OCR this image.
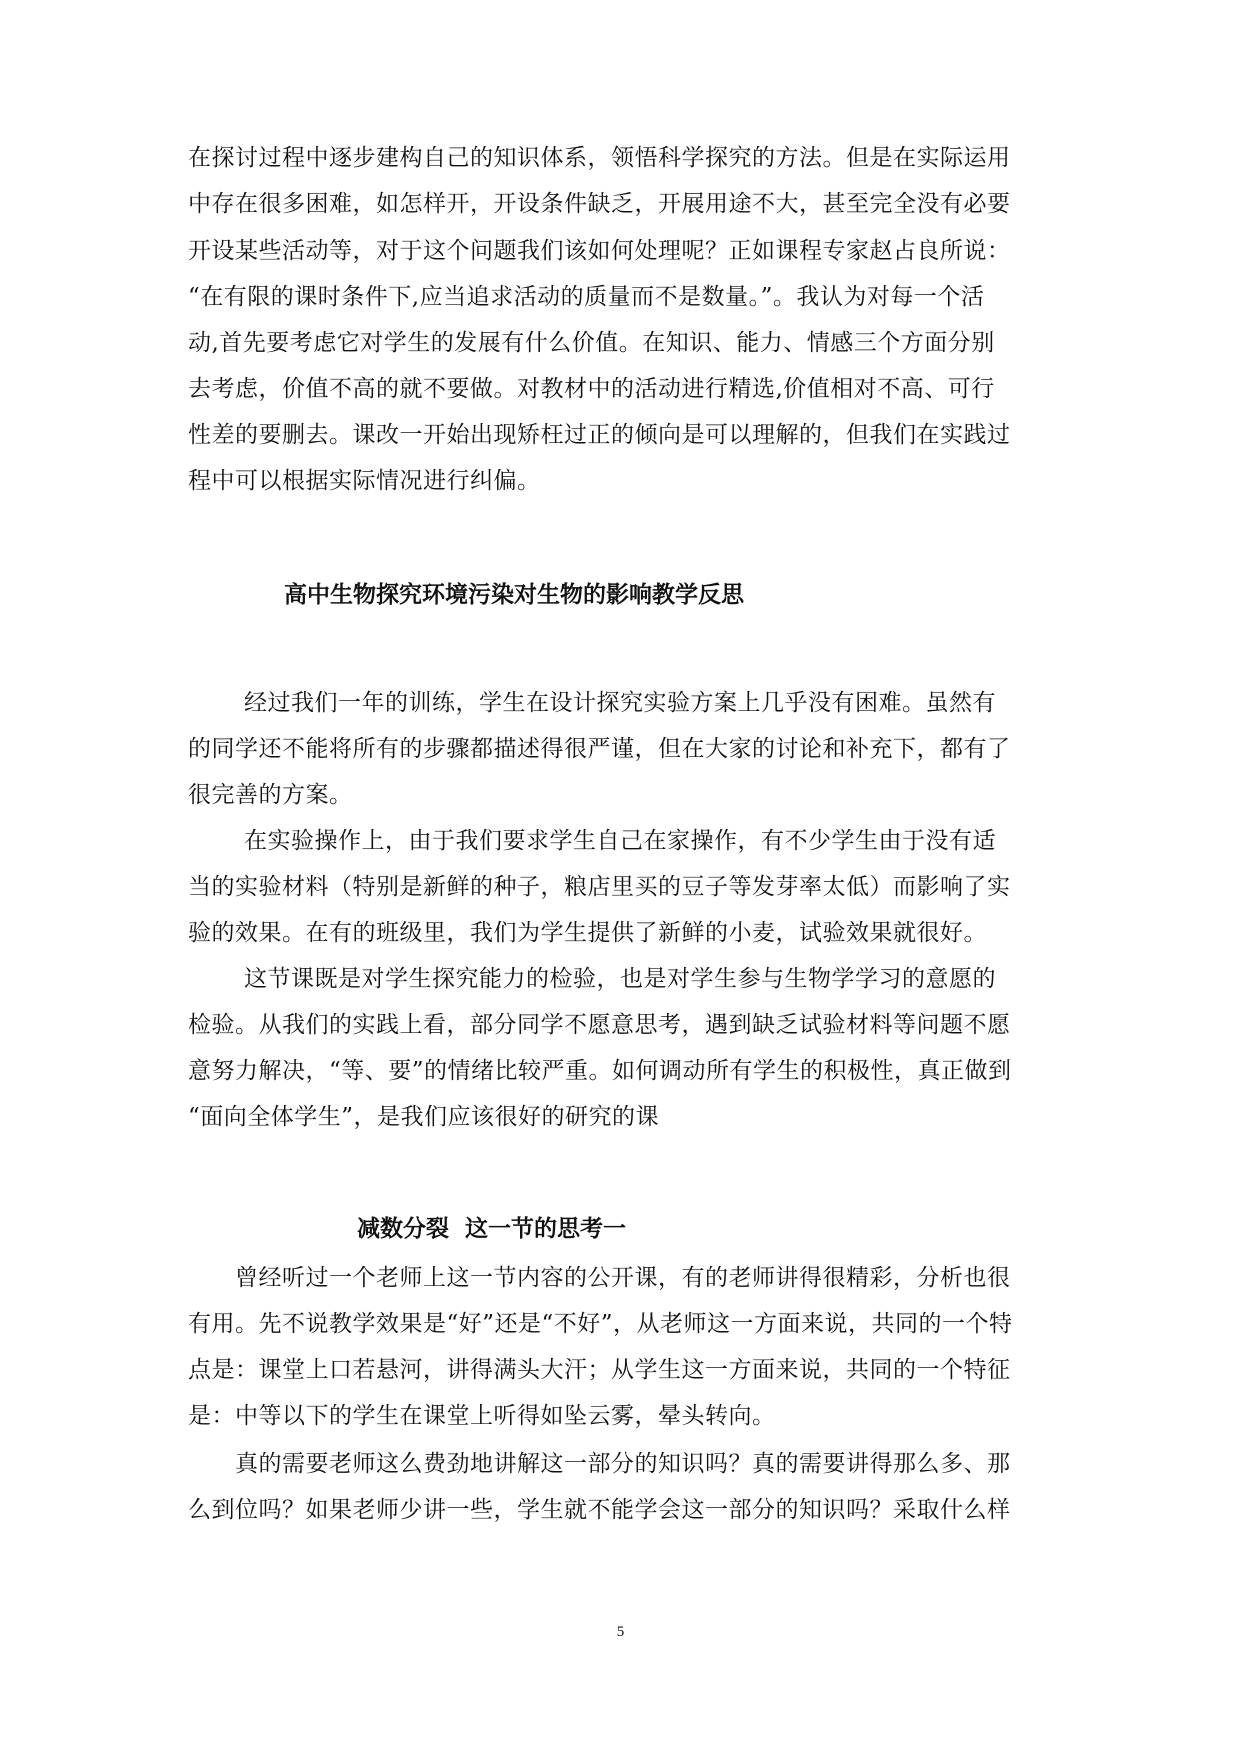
在探讨过程中逐步建构自己的知识体系，领悟科学探究的方法。但是在实际运用
中存在很多困难，如怎样开，开设条件缺乏，开展用途不大，甚至完全没有必要
开设某些活动等，对于这个问题我们该如何处理呢？正如课程专家赵占良所说：
“在有限的课时条件下,应当追求活动的质量而不是数量。”。我认为对每一个活
动,首先要考虑它对学生的发展有什么价值。在知识、能力、情感三个方面分别
去考虑，价值不高的就不要做。对教材中的活动进行精选,价值相对不高、可行
性差的要删去。课改一开始出现矫枉过正的倾向是可以理解的，但我们在实践过
程中可以根据实际情况进行纠偏。
高中生物探究环境污染对生物的影响教学反思
经过我们一年的训练，学生在设计探究实验方案上几乎没有困难。虽然有
的同学还不能将所有的步骤都描述得很严谨，但在大家的讨论和补充下，都有了
很完善的方案。
在实验操作上，由于我们要求学生自己在家操作，有不少学生由于没有适
当的实验材料（特别是新鲜的种子，粮店里买的豆子等发芽率太低）而影响了实
验的效果。在有的班级里，我们为学生提供了新鲜的小麦，试验效果就很好。
这节课既是对学生探究能力的检验，也是对学生参与生物学学习的意愿的
检验。从我们的实践上看，部分同学不愿意思考，遇到缺乏试验材料等问题不愿
意努力解决，“等、要”的情绪比较严重。如何调动所有学生的积极性，真正做到
“面向全体学生”，是我们应该很好的研究的课
减数分裂  这一节的思考一
曾经听过一个老师上这一节内容的公开课，有的老师讲得很精彩，分析也很
有用。先不说教学效果是“好”还是“不好”，从老师这一方面来说，共同的一个特
点是：课堂上口若悬河，讲得满头大汗；从学生这一方面来说，共同的一个特征
是：中等以下的学生在课堂上听得如坠云雾，晕头转向。
真的需要老师这么费劲地讲解这一部分的知识吗？真的需要讲得那么多、那
么到位吗？如果老师少讲一些，学生就不能学会这一部分的知识吗？采取什么样
5
